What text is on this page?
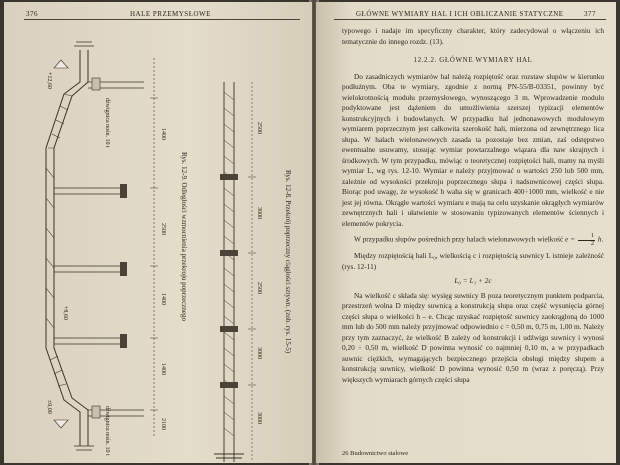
376	HALE PRZEMYSŁOWE
+12,60
dźwignica nośn. 10 t
dźwignica nośn. 10 t
±0,00
1400
2500
1400
1400
2100
+8,60	Rys. 12-9. Odległości wzmocnienia przekroju poprzecznego
2500
3000
2500
3000
3000
Rys. 12-8. Przekrój poprzeczny ciągłości sztywn. (zob. rys. 15-5)
GŁÓWNE WYMIARY HAL I ICH OBLICZANIE STATYCZNE	377

typowego i nadaje im specyficzny charakter, który zadecydował o włączeniu ich tematycznie do innego rozdz. (13).

12.2.2. GŁÓWNE WYMIARY HAL

Do zasadniczych wymiarów hal należą rozpiętość oraz rozstaw słupów w kierunku podłużnym. Oba te wymiary, zgodnie z normą PN-55/B-03351, powinny być wielokrotnością modułu przemysłowego, wynoszącego 3 m. Wprowadzenie modułu podyktowane jest dążeniem do umożliwienia szerszej typizacji elementów konstrukcyjnych i budowlanych. W przypadku hal jednonawowych modułowym wymiarem poprzecznym jest całkowita szerokość hali, mierzona od zewnętrznego lica słupa. W halach wielonawowych zasada ta pozostaje bez zmian, zaś odstępstwo ewentualne usuwamy, stosując wymiar powtarzalnego wiązara dla naw skrajnych i środkowych. W tym przypadku, mówiąc o teoretycznej rozpiętości hali, mamy na myśli wymiar L, wg rys. 12-10. Wymiar e należy przyjmować o wartości 250 lub 500 mm, zależnie od wysokości przekroju poprzecznego słupa i nadsuwnicowej części słupa. Biorąc pod uwagę, że wysokość h waha się w granicach 400÷1000 mm, wielkość e nie jest jej równa. Okrągłe wartości wymiaru e mają na celu uzyskanie okrągłych wymiarów zewnętrznych hali i ułatwienie w stosowaniu typizowanych elementów ściennych i elementów pokrycia.

W przypadku słupów pośrednich przy halach wielonawowych wielkość $e = \frac{1}{2} h$.

Między rozpiętością hali L₀, wielkością c i rozpiętością suwnicy L istnieje zależność (rys. 12-11)

L₀ = L₁ + 2c

Na wielkość c składa się: wysięg suwnicy B poza teoretycznym punktem podparcia, przestrzeń wolna D między suwnicą a konstrukcją słupa oraz część wysunięcia górnej części słupa o wielkości h – e. Chcąc uzyskać rozpiętość suwnicy zaokrągloną do 1000 mm lub do 500 mm należy przyjmować odpowiednio c = 0,50 m, 0,75 m, 1,00 m. Należy przy tym zaznaczyć, że wielkość B zależy od konstrukcji i udźwigu suwnicy i wynosi 0,20 ÷ 0,50 m, wielkość D powinna wynosić co najmniej 0,10 m, a w przypadkach suwnic ciężkich, wymagających bezpiecznego przejścia obsługi między słupem a konstrukcją suwnicy, wielkość D powinna wynosić 0,50 m (wraz z poręczą). Przy większych wymiarach górnych części słupa

26 Budownictwo stalowe
